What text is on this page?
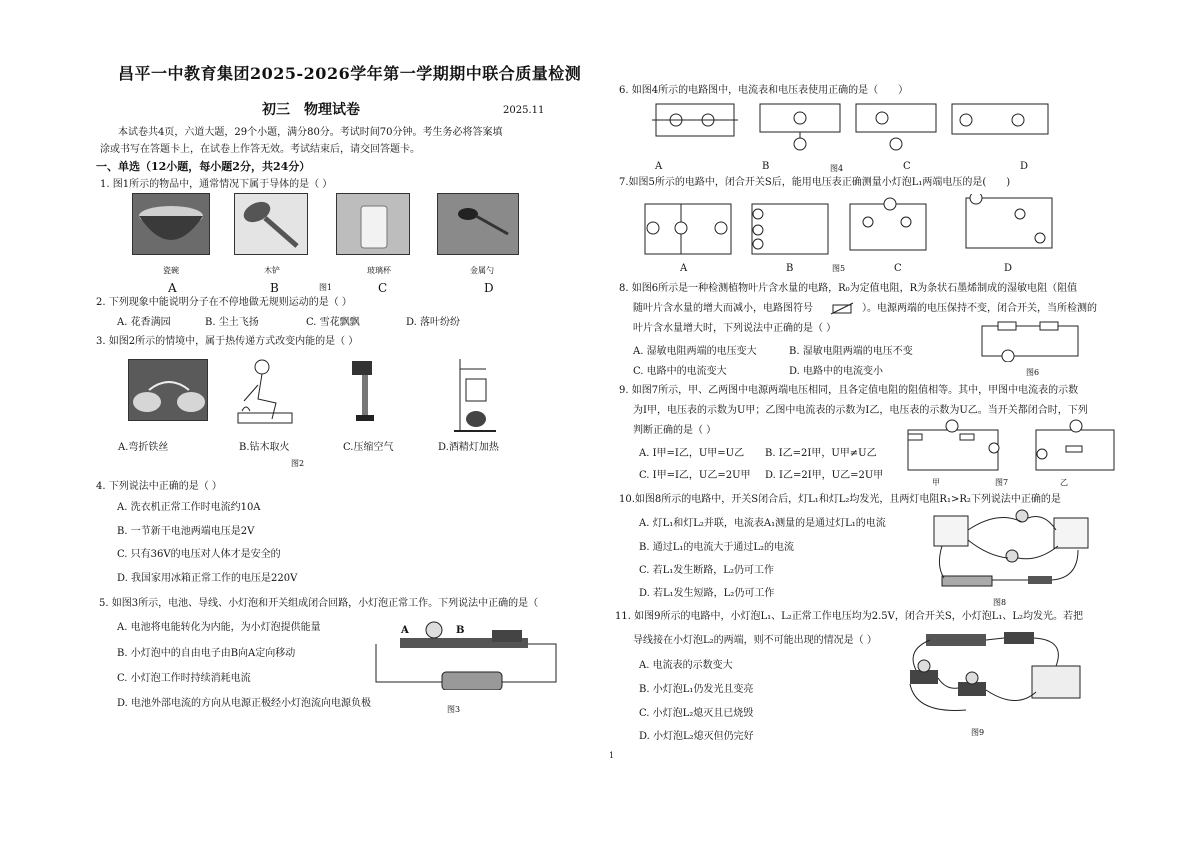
昌平一中教育集团2025-2026学年第一学期期中联合质量检测
初三　物理试卷	2025.11
本试卷共4页，六道大题，29个小题，满分80分。考试时间70分钟。考生务必将答案填
涂或书写在答题卡上，在试卷上作答无效。考试结束后，请交回答题卡。
一、单选（12小题，每小题2分，共24分）
1. 图1所示的物品中，通常情况下属于导体的是（ ）
瓷碗	木铲	玻璃杯	金属勺
图1
A	B	C	D
2. 下列现象中能说明分子在不停地做无规则运动的是（ ）
A. 花香满园	B. 尘土飞扬	C. 雪花飘飘	D. 落叶纷纷
3. 如图2所示的情境中，属于热传递方式改变内能的是（ ）
A.弯折铁丝	B.钻木取火	C.压缩空气	D.酒精灯加热
图2
4. 下列说法中正确的是（ ）
A. 洗衣机正常工作时电流约10A
B. 一节新干电池两端电压是2V
C. 只有36V的电压对人体才是安全的
D. 我国家用冰箱正常工作的电压是220V
5. 如图3所示，电池、导线、小灯泡和开关组成闭合回路，小灯泡正常工作。下列说法中正确的是（
A. 电池将电能转化为内能，为小灯泡提供能量
B. 小灯泡中的自由电子由B向A定向移动
C. 小灯泡工作时持续消耗电流
D. 电池外部电流的方向从电源正极经小灯泡流向电源负极
A	B
图3
6. 如图4所示的电路图中，电流表和电压表使用正确的是（　　）
A	B	C	D
图4
7.如图5所示的电路中，闭合开关S后，能用电压表正确测量小灯泡L₁两端电压的是(　　)
A	B	C	D
图5
8. 如图6所示是一种检测植物叶片含水量的电路，R₀为定值电阻，R为条状石墨烯制成的湿敏电阻（阻值
随叶片含水量的增大而减小，电路图符号	）。电源两端的电压保持不变，闭合开关，当所检测的
叶片含水量增大时，下列说法中正确的是（ ）
A. 湿敏电阻两端的电压变大	B. 湿敏电阻两端的电压不变
C. 电路中的电流变大	D. 电路中的电流变小	图6
9. 如图7所示，甲、乙两图中电源两端电压相同，且各定值电阻的阻值相等。其中，甲图中电流表的示数
为I甲，电压表的示数为U甲；乙图中电流表的示数为I乙，电压表的示数为U乙。当开关都闭合时，下列
判断正确的是（ ）
A. I甲=I乙，U甲=U乙 B. I乙=2I甲，U甲≠U乙
C. I甲=I乙，U乙=2U甲 D. I乙=2I甲，U乙=2U甲
甲	乙
图7
10.如图8所示的电路中，开关S闭合后，灯L₁和灯L₂均发光，且两灯电阻R₁>R₂下列说法中正确的是
A. 灯L₁和灯L₂并联，电流表A₁测量的是通过灯L₁的电流
B. 通过L₁的电流大于通过L₂的电流
C. 若L₁发生断路，L₂仍可工作
D. 若L₁发生短路，L₂仍可工作
图8
11. 如图9所示的电路中，小灯泡L₁、L₂正常工作电压均为2.5V，闭合开关S，小灯泡L₁、L₂均发光。若把
导线接在小灯泡L₂的两端，则不可能出现的情况是（ ）
A. 电流表的示数变大
B. 小灯泡L₁仍发光且变亮
C. 小灯泡L₂熄灭且已烧毁
D. 小灯泡L₂熄灭但仍完好	图9
1
